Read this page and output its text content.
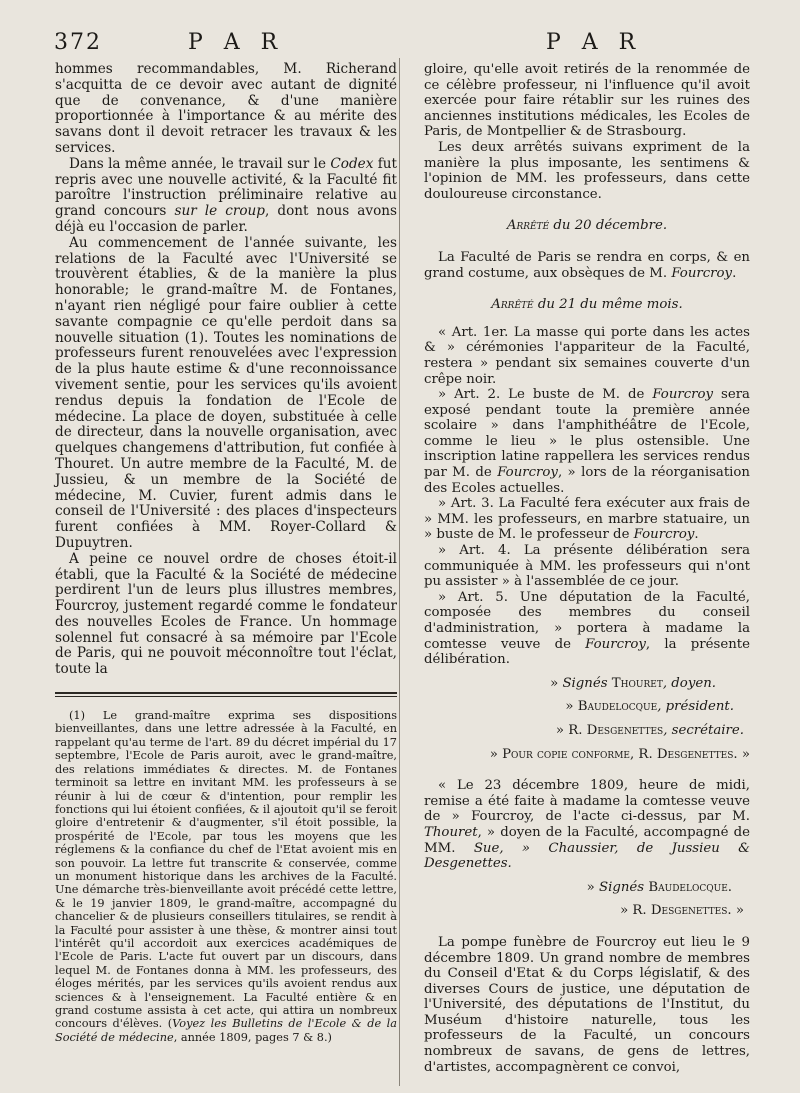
372	P A R	P A R

hommes recommandables, M. Richerand s'acquitta de ce devoir avec autant de dignité que de convenance, & d'une manière proportionnée à l'importance & au mérite des savans dont il devoit retracer les travaux & les services.

Dans la même année, le travail sur le Codex fut repris avec une nouvelle activité, & la Faculté fit paroître l'instruction préliminaire relative au grand concours sur le croup, dont nous avons déjà eu l'occasion de parler.

Au commencement de l'année suivante, les relations de la Faculté avec l'Université se trouvèrent établies, & de la manière la plus honorable; le grand-maître M. de Fontanes, n'ayant rien négligé pour faire oublier à cette savante compagnie ce qu'elle perdoit dans sa nouvelle situation (1). Toutes les nominations de professeurs furent renouvelées avec l'expression de la plus haute estime & d'une reconnoissance vivement sentie, pour les services qu'ils avoient rendus depuis la fondation de l'Ecole de médecine. La place de doyen, substituée à celle de directeur, dans la nouvelle organisation, avec quelques changemens d'attribution, fut confiée à Thouret. Un autre membre de la Faculté, M. de Jussieu, & un membre de la Société de médecine, M. Cuvier, furent admis dans le conseil de l'Université : des places d'inspecteurs furent confiées à MM. Royer-Collard & Dupuytren.

A peine ce nouvel ordre de choses étoit-il établi, que la Faculté & la Société de médecine perdirent l'un de leurs plus illustres membres, Fourcroy, justement regardé comme le fondateur des nouvelles Ecoles de France. Un hommage solennel fut consacré à sa mémoire par l'Ecole de Paris, qui ne pouvoit méconnoître tout l'éclat, toute la

(1) Le grand-maître exprima ses dispositions bienveillantes, dans une lettre adressée à la Faculté, en rappelant qu'au terme de l'art. 89 du décret impérial du 17 septembre, l'Ecole de Paris auroit, avec le grand-maître, des relations immédiates & directes. M. de Fontanes terminoit sa lettre en invitant MM. les professeurs à se réunir à lui de cœur & d'intention, pour remplir les fonctions qui lui étoient confiées, & il ajoutoit qu'il se feroit gloire d'entretenir & d'augmenter, s'il étoit possible, la prospérité de l'Ecole, par tous les moyens que les réglemens & la confiance du chef de l'Etat avoient mis en son pouvoir. La lettre fut transcrite & conservée, comme un monument historique dans les archives de la Faculté. Une démarche très-bienveillante avoit précédé cette lettre, & le 19 janvier 1809, le grand-maître, accompagné du chancelier & de plusieurs conseillers titulaires, se rendit à la Faculté pour assister à une thèse, & montrer ainsi tout l'intérêt qu'il accordoit aux exercices académiques de l'Ecole de Paris. L'acte fut ouvert par un discours, dans lequel M. de Fontanes donna à MM. les professeurs, des éloges mérités, par les services qu'ils avoient rendus aux sciences & à l'enseignement. La Faculté entière & en grand costume assista à cet acte, qui attira un nombreux concours d'élèves. (Voyez les Bulletins de l'Ecole & de la Société de médecine, année 1809, pages 7 & 8.)

gloire, qu'elle avoit retirés de la renommée de ce célèbre professeur, ni l'influence qu'il avoit exercée pour faire rétablir sur les ruines des anciennes institutions médicales, les Ecoles de Paris, de Montpellier & de Strasbourg.

Les deux arrêtés suivans expriment de la manière la plus imposante, les sentimens & l'opinion de MM. les professeurs, dans cette douloureuse circonstance.

Arrêté du 20 décembre.

La Faculté de Paris se rendra en corps, & en grand costume, aux obsèques de M. Fourcroy.

Arrêté du 21 du même mois.

« Art. 1er. La masse qui porte dans les actes & » cérémonies l'appariteur de la Faculté, restera » pendant six semaines couverte d'un crêpe noir.

» Art. 2. Le buste de M. de Fourcroy sera exposé pendant toute la première année scolaire » dans l'amphithéâtre de l'Ecole, comme le lieu » le plus ostensible. Une inscription latine rappellera les services rendus par M. de Fourcroy, » lors de la réorganisation des Ecoles actuelles.

» Art. 3. La Faculté fera exécuter aux frais de » MM. les professeurs, en marbre statuaire, un » buste de M. le professeur de Fourcroy.

» Art. 4. La présente délibération sera communiquée à MM. les professeurs qui n'ont pu assister » à l'assemblée de ce jour.

» Art. 5. Une députation de la Faculté, composée des membres du conseil d'administration, » portera à madame la comtesse veuve de Fourcroy, la présente délibération.

» Signés Thouret, doyen.

» Baudelocque, président.

» R. Desgenettes, secrétaire.

» Pour copie conforme, R. Desgenettes. »

« Le 23 décembre 1809, heure de midi, remise a été faite à madame la comtesse veuve de » Fourcroy, de l'acte ci-dessus, par M. Thouret, » doyen de la Faculté, accompagné de MM. Sue, » Chaussier, de Jussieu & Desgenettes.

» Signés Baudelocque.

» R. Desgenettes. »

La pompe funèbre de Fourcroy eut lieu le 9 décembre 1809. Un grand nombre de membres du Conseil d'Etat & du Corps législatif, & des diverses Cours de justice, une députation de l'Université, des députations de l'Institut, du Muséum d'histoire naturelle, tous les professeurs de la Faculté, un concours nombreux de savans, de gens de lettres, d'artistes, accompagnèrent ce convoi,
